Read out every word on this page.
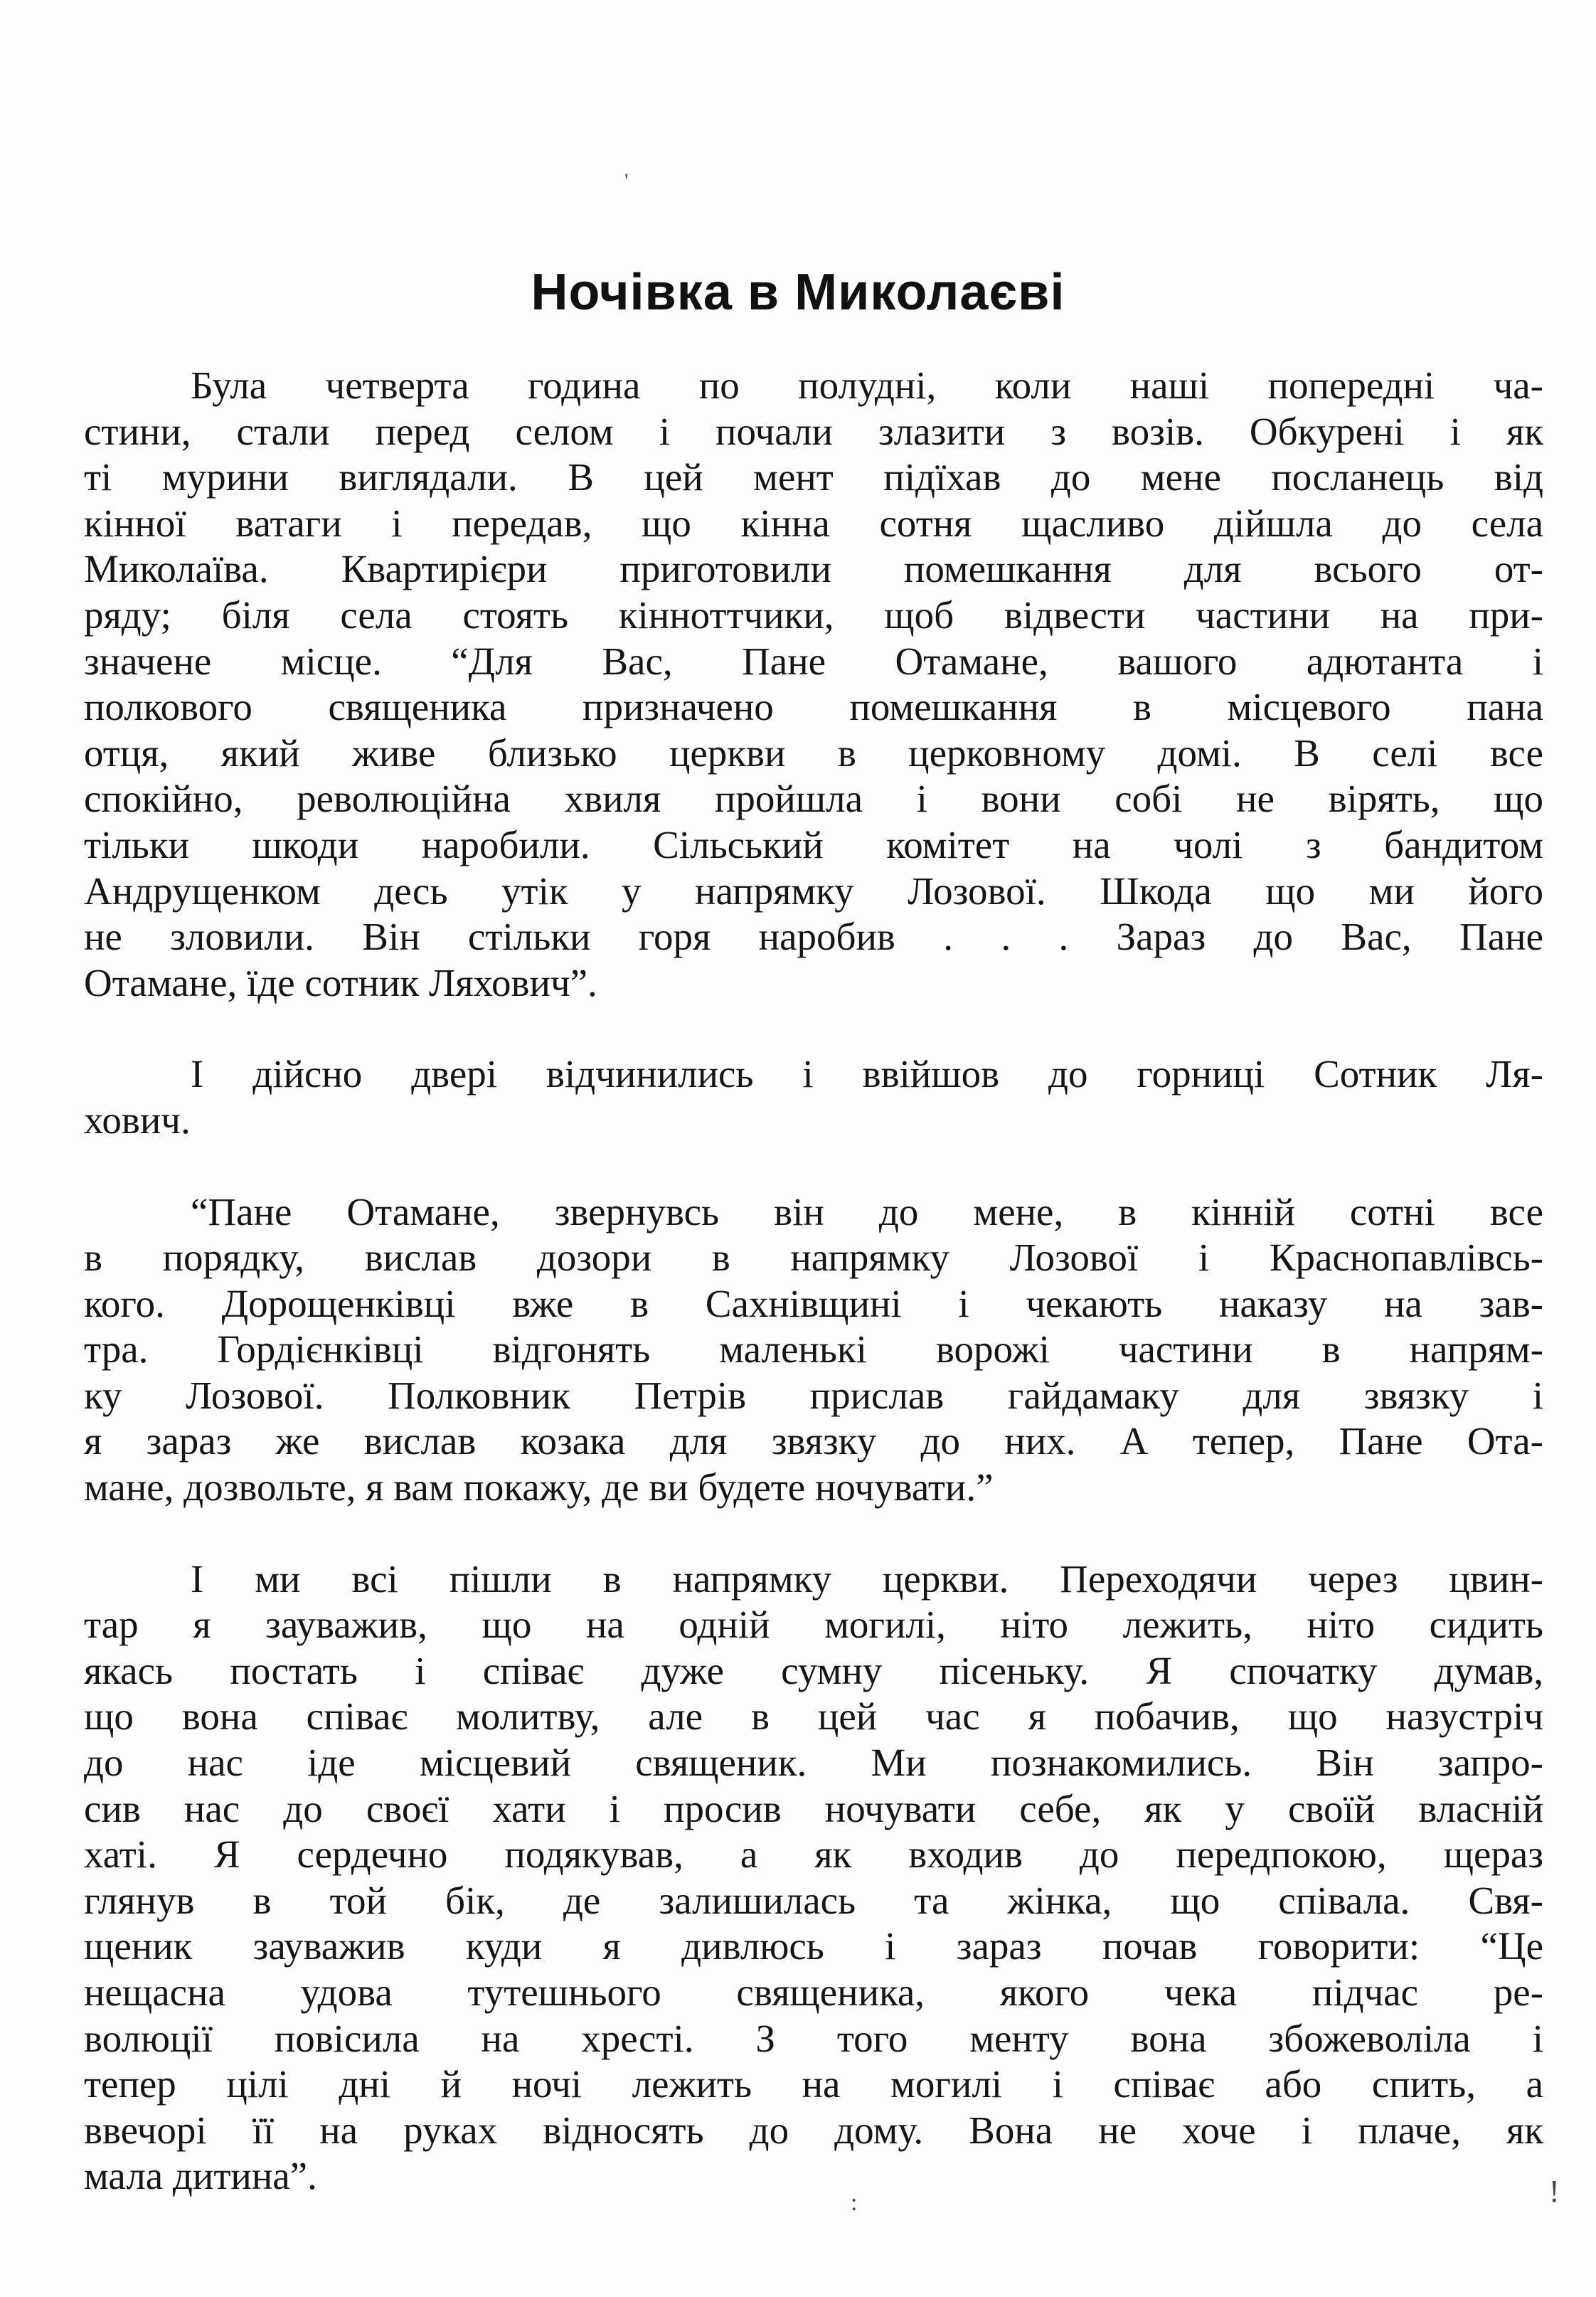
'
Ночівка в Миколаєві
Була четверта година по полудні, коли наші попередні ча-
стини, стали перед селом і почали злазити з возів. Обкурені і як
ті мурини виглядали. В цей мент підїхав до мене посланець від
кінної ватаги і передав, що кінна сотня щасливо дійшла до села
Миколаїва. Квартирієри приготовили помешкання для всього от-
ряду; біля села стоять кінноттчики, щоб відвести частини на при-
значене місце. “Для Вас, Пане Отамане, вашого адютанта і
полкового священика призначено помешкання в місцевого пана
отця, який живе близько церкви в церковному домі. В селі все
спокійно, революційна хвиля пройшла і вони собі не вірять, що
тільки шкоди наробили. Сільський комітет на чолі з бандитом
Андрущенком десь утік у напрямку Лозової. Шкода що ми його
не зловили. Він стільки горя наробив . . . Зараз до Вас, Пане
Отамане, їде сотник Ляхович”.
І дійсно двері відчинились і ввійшов до горниці Сотник Ля-
хович.
“Пане Отамане, звернувсь він до мене, в кінній сотні все
в порядку, вислав дозори в напрямку Лозової і Краснопавлівсь-
кого. Дорощенківці вже в Сахнівщині і чекають наказу на зав-
тра. Гордієнківці відгонять маленькі ворожі частини в напрям-
ку Лозової. Полковник Петрів прислав гайдамаку для звязку і
я зараз же вислав козака для звязку до них. А тепер, Пане Ота-
мане, дозвольте, я вам покажу, де ви будете ночувати.”
І ми всі пішли в напрямку церкви. Переходячи через цвин-
тар я зауважив, що на одній могилі, ніто лежить, ніто сидить
якась постать і співає дуже сумну пісеньку. Я спочатку думав,
що вона співає молитву, але в цей час я побачив, що назустріч
до нас іде місцевий священик. Ми познакомились. Він запро-
сив нас до своєї хати і просив ночувати себе, як у своїй власній
хаті. Я сердечно подякував, а як входив до передпокою, щераз
глянув в той бік, де залишилась та жінка, що співала. Свя-
щеник зауважив куди я дивлюсь і зараз почав говорити: “Це
нещасна удова тутешнього священика, якого чека підчас ре-
волюції повісила на хресті. З того менту вона збожеволіла і
тепер цілі дні й ночі лежить на могилі і співає або спить, а
ввечорі її на руках відносять до дому. Вона не хоче і плаче, як
мала дитина”.
:	!
